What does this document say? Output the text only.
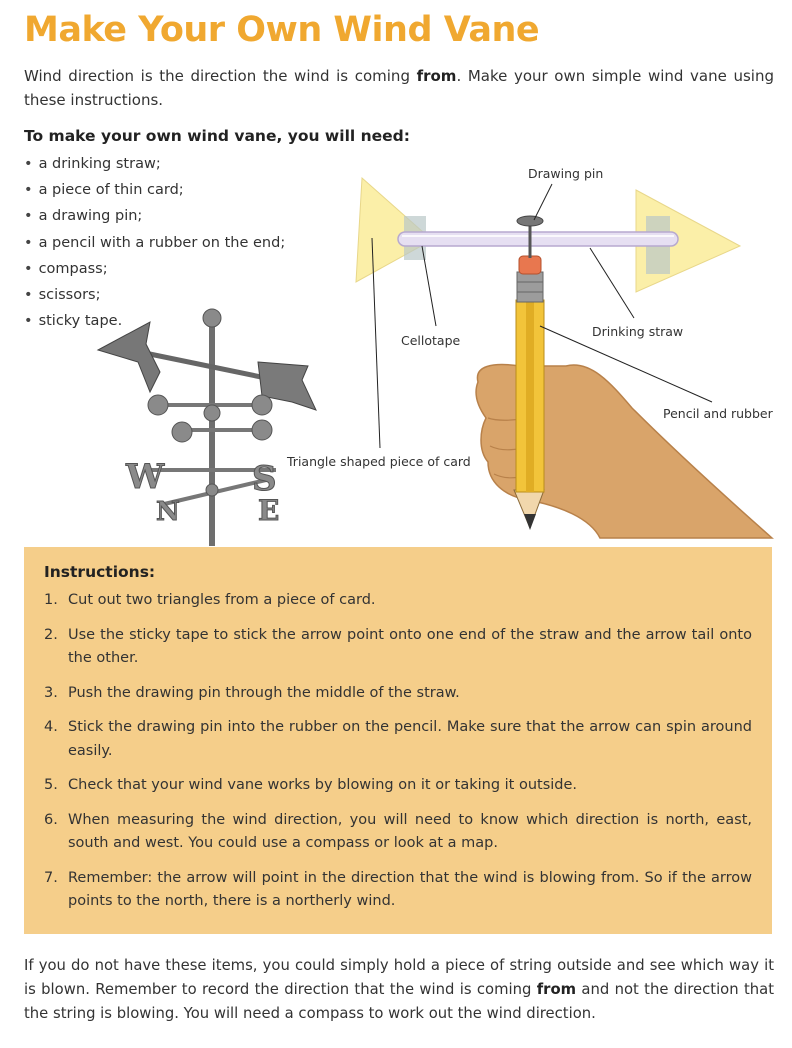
Make Your Own Wind Vane

Wind direction is the direction the wind is coming from. Make your own simple wind vane using these instructions.

To make your own wind vane, you will need:
• a drinking straw;
• a piece of thin card;
• a drawing pin;
• a pencil with a rubber on the end;
• compass;
• scissors;
• sticky tape.
W
N
S
E

Drawing pin

Cellotape

Drinking straw

Pencil and rubber

Triangle shaped piece of card

Instructions:
1. Cut out two triangles from a piece of card.
2. Use the sticky tape to stick the arrow point onto one end of the straw and the arrow tail onto the other.
3. Push the drawing pin through the middle of the straw.
4. Stick the drawing pin into the rubber on the pencil. Make sure that the arrow can spin around easily.
5. Check that your wind vane works by blowing on it or taking it outside.
6. When measuring the wind direction, you will need to know which direction is north, east, south and west. You could use a compass or look at a map.
7. Remember: the arrow will point in the direction that the wind is blowing from. So if the arrow points to the north, there is a northerly wind.

If you do not have these items, you could simply hold a piece of string outside and see which way it is blown. Remember to record the direction that the wind is coming from and not the direction that the string is blowing. You will need a compass to work out the wind direction.
